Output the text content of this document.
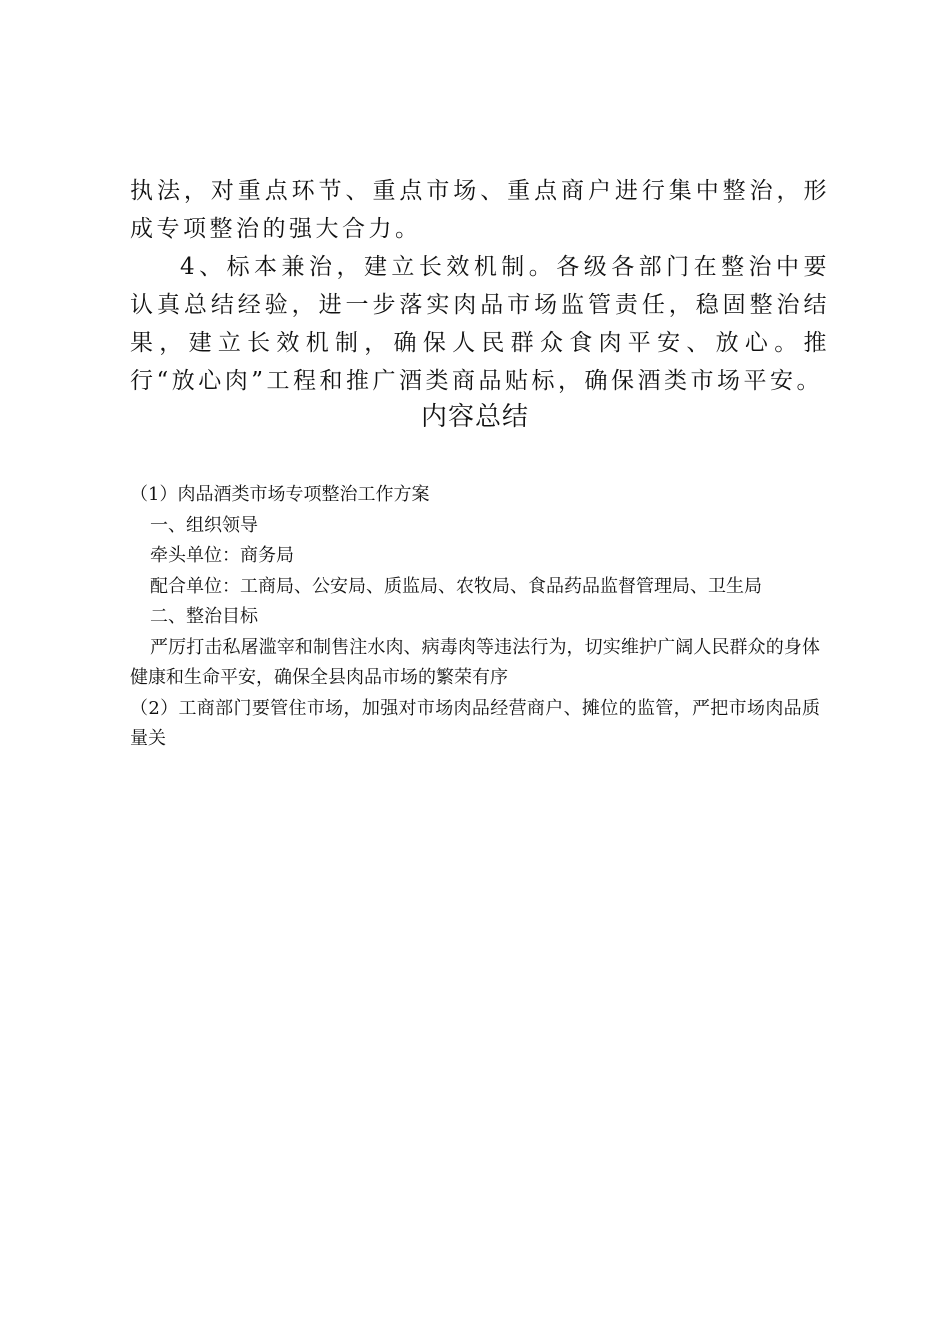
执法，对重点环节、重点市场、重点商户进行集中整治，形成专项整治的强大合力。

4、标本兼治，建立长效机制。各级各部门在整治中要认真总结经验，进一步落实肉品市场监管责任，稳固整治结果，建立长效机制，确保人民群众食肉平安、放心。推行“放心肉”工程和推广酒类商品贴标，确保酒类市场平安。

内容总结

（1）肉品酒类市场专项整治工作方案

一、组织领导

牵头单位：商务局

配合单位：工商局、公安局、质监局、农牧局、食品药品监督管理局、卫生局

二、整治目标

严厉打击私屠滥宰和制售注水肉、病毒肉等违法行为，切实维护广阔人民群众的身体健康和生命平安，确保全县肉品市场的繁荣有序

（2）工商部门要管住市场，加强对市场肉品经营商户、摊位的监管，严把市场肉品质量关
